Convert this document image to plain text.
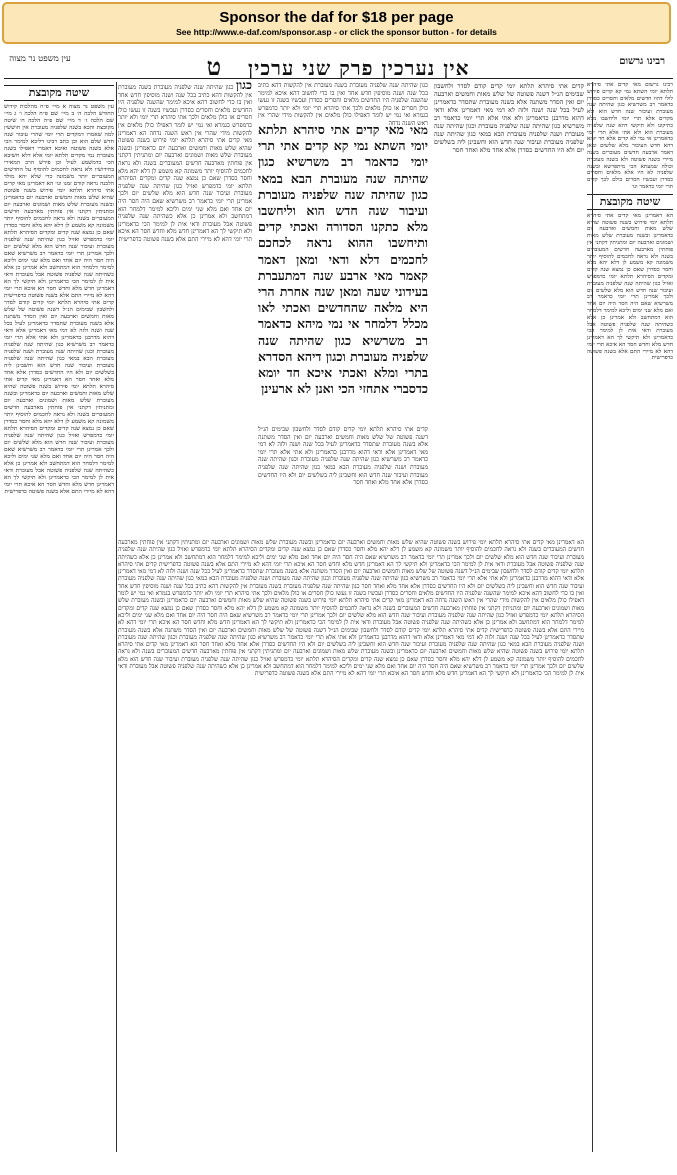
Sponsor the daf for $18 per page
See http://www.e-daf.com/sponsor.asp - or click the sponsor button - for details
רבינו גרשום
אין נערכין פרק שני ערכין ט
עין משפט נר מצוה
רבינו גרשום מאי קדים אתי סיהרא תלתא יומי השתא נמי קא קדים פירוש לולי דהוו חדשים מלאים וחסרים כסדרן כדאמר רב משרשיא כגון שהיתה שנה מעוברת ועיבור שנה חדש הוא ולא מקדים אלא תרי יומי וליחשבו מלא כתיקונו ולא תיקשי דהא שנה שלפניה מעוברת הוא ולא אתי אלא תרי יומי כדאמרינן אי נמי לא קדים אלא חד יומא דהא חדש העיבור מלא שלשים ומאן דאמר ארבעה חדשים מעוברים בשנה מיירי בשנה פשוטה ולא בשנה מעוברת וכולה שמעתא הכי מיתפרשא ובשנה שלפניה לא היו אלא מלאים וחסרים כסדרן ועכשיו חסרים כולם לכך קדים תרי יומי כדאמר וגו׳
שיטה מקובצת
הא דאמרינן מאי קדים אתי סיהרא תלתא יומי פירוש בשנה פשוטה שהיא שלש מאות וחמשים וארבעה יום כדאמרינן ובשנה מעוברת שלש מאות ושמונים וארבעה יום ומתניתין דקתני אין פוחתין מארבעה חדשים המעוברים בשנה ולא נראה לחכמים להוסיף יותר משמונה קא משמע לן דלא יהא מלא וחסר כסדרן שאם כן נמצא שנה קדים ומקדים הסיהרא תלתא יומי כדמפרש ואזיל כגון שהיתה שנה שלפניה מעוברת ועיבור שנה חדש הוא מלא שלשים יום ולכך אמרינן תרי יומי כדאמר רב משרשיא שאם היה חסר היה יום אחד ואם מלא שני ימים וליכא למימר דלמחר הוא דמתחשב ולא אמרינן כן אלא כשהיתה שנה שלפניה פשוטה אבל מעוברת ודאי אית לן למימר הכי כדאמרינן ולא תיקשי לך הא דאמרינן חדש מלא וחדש חסר הא איכא תרי יומי דהא לא מיירי התם אלא בשנה פשוטה כדפרישית
קדים אתי סיהרא תלתא יומי קדים קודם לסדר ולחשבון שבימים הנ״ל דשנה פשוטה של שלש מאות וחמשים וארבעה יום ואין הסדר משתנה אלא בשנה מעוברת שתסדר כדאמרינן לעיל בכל שנה ושנה ולזה לא דמי מאי דאמרינן אלא ודאי דהוא מדרבנן כדאמרינן ולא אתי אלא תרי יומי כדאמר רב משרשיא כגון שהיתה שנה שלפניה מעוברת וכגון שהיתה שנה מעוברת ושנה שלפניה מעוברת הבא במאי כגון שהיתה שנה שלפניה מעוברת ועיבור שנה חדש הוא וחשבינן ליה בשלשים יום ולא היו החדשים כסדרן אלא אחד מלא ואחד חסר
מאי מאי קדים אתי סיהרא תלתא יומי השתא נמי קא קדים אתי תרי יומי כדאמר רב משרשיא כגון שהיתה שנה מעוברת הבא במאי כגון שהיתה שנה שלפניה מעוברת ועיבור שנה חדש הוא וליחשבו מלא כתקנו הסדורה ואכתי קדים ותיחשבו ההוא נראה לכחכם לחכמים דלא ודאי ומאן דאמר קאמר מאי ארבע שנה דמתעברת בעידוני שעה ומאן שנה אחרת הרי היא מלאה שהחדשים ואכתי לאו מכלל דלמחר אי נמי מיהא כדאמר רב משרשיא כגון שהיתה שנה שלפניה מעוברת וכגון דיהא הסדרא בתרי ומלא ואכתי איכא חד יומא כדסברי אתחזי הכי ואנן לא ארעינן
כגון שהיתה שנה שלפניה מעוברת בשנה מעוברת אין להקשות דהא כתיב בכל שנה ושנה מוסיפין חדש אחד ואין בו כדי לחשוב דהא איכא למימר שהשנה שלפניה היו החדשים מלאים וחסרים כסדרן ועכשיו בשנה זו נעשו כולן חסרים או כולן מלאים ולכך אתי סיהרא תרי יומי ולא יותר כדמפרש בגמרא ואי נמי יש לומר דאפילו כולן מלאים אין להקשות מידי שהרי אין ראש השנה נדחה
כגון כגון שהיתה שנה שלפניה מעוברת בשנה מעוברת אין להקשות דהא כתיב בכל שנה ושנה מוסיפין חדש אחד ואין בו כדי לחשוב דהא איכא למימר שהשנה שלפניה היו החדשים מלאים וחסרים כסדרן ועכשיו בשנה זו נעשו כולן חסרים או כולן מלאים ולכך אתי סיהרא תרי יומי ולא יותר כדמפרש בגמרא ואי נמי יש לומר דאפילו כולן מלאים אין להקשות מידי שהרי אין ראש השנה נדחה הא דאמרינן מאי קדים אתי סיהרא תלתא יומי פירוש בשנה פשוטה שהיא שלש מאות וחמשים וארבעה יום כדאמרינן ובשנה מעוברת שלש מאות ושמונים וארבעה יום ומתניתין דקתני אין פוחתין מארבעה חדשים המעוברים בשנה ולא נראה לחכמים להוסיף יותר משמונה קא משמע לן דלא יהא מלא וחסר כסדרן שאם כן נמצא שנה קדים ומקדים הסיהרא תלתא יומי כדמפרש ואזיל כגון שהיתה שנה שלפניה מעוברת ועיבור שנה חדש הוא מלא שלשים יום ולכך אמרינן תרי יומי כדאמר רב משרשיא שאם היה חסר היה יום אחד ואם מלא שני ימים וליכא למימר דלמחר הוא דמתחשב ולא אמרינן כן אלא כשהיתה שנה שלפניה פשוטה אבל מעוברת ודאי אית לן למימר הכי כדאמרינן ולא תיקשי לך הא דאמרינן חדש מלא וחדש חסר הא איכא תרי יומי דהא לא מיירי התם אלא בשנה פשוטה כדפרישית
קדים אתי סיהרא תלתא יומי קדים קודם לסדר ולחשבון שבימים הנ״ל דשנה פשוטה של שלש מאות וחמשים וארבעה יום ואין הסדר משתנה אלא בשנה מעוברת שתסדר כדאמרינן לעיל בכל שנה ושנה ולזה לא דמי מאי דאמרינן אלא ודאי דהוא מדרבנן כדאמרינן ולא אתי אלא תרי יומי כדאמר רב משרשיא כגון שהיתה שנה שלפניה מעוברת וכגון שהיתה שנה מעוברת ושנה שלפניה מעוברת הבא במאי כגון שהיתה שנה שלפניה מעוברת ועיבור שנה חדש הוא וחשבינן ליה בשלשים יום ולא היו החדשים כסדרן אלא אחד מלא ואחד חסר
הא דאמרינן מאי קדים אתי סיהרא תלתא יומי פירוש בשנה פשוטה שהיא שלש מאות וחמשים וארבעה יום כדאמרינן ובשנה מעוברת שלש מאות ושמונים וארבעה יום ומתניתין דקתני אין פוחתין מארבעה חדשים המעוברים בשנה ולא נראה לחכמים להוסיף יותר משמונה קא משמע לן דלא יהא מלא וחסר כסדרן שאם כן נמצא שנה קדים ומקדים הסיהרא תלתא יומי כדמפרש ואזיל כגון שהיתה שנה שלפניה מעוברת ועיבור שנה חדש הוא מלא שלשים יום ולכך אמרינן תרי יומי כדאמר רב משרשיא שאם היה חסר היה יום אחד ואם מלא שני ימים וליכא למימר דלמחר הוא דמתחשב ולא אמרינן כן אלא כשהיתה שנה שלפניה פשוטה אבל מעוברת ודאי אית לן למימר הכי כדאמרינן ולא תיקשי לך הא דאמרינן חדש מלא וחדש חסר הא איכא תרי יומי דהא לא מיירי התם אלא בשנה פשוטה כדפרישית קדים אתי סיהרא תלתא יומי קדים קודם לסדר ולחשבון שבימים הנ״ל דשנה פשוטה של שלש מאות וחמשים וארבעה יום ואין הסדר משתנה אלא בשנה מעוברת שתסדר כדאמרינן לעיל בכל שנה ושנה ולזה לא דמי מאי דאמרינן אלא ודאי דהוא מדרבנן כדאמרינן ולא אתי אלא תרי יומי כדאמר רב משרשיא כגון שהיתה שנה שלפניה מעוברת וכגון שהיתה שנה מעוברת ושנה שלפניה מעוברת הבא במאי כגון שהיתה שנה שלפניה מעוברת ועיבור שנה חדש הוא וחשבינן ליה בשלשים יום ולא היו החדשים כסדרן אלא אחד מלא ואחד חסר כגון שהיתה שנה שלפניה מעוברת בשנה מעוברת אין להקשות דהא כתיב בכל שנה ושנה מוסיפין חדש אחד ואין בו כדי לחשוב דהא איכא למימר שהשנה שלפניה היו החדשים מלאים וחסרים כסדרן ועכשיו בשנה זו נעשו כולן חסרים או כולן מלאים ולכך אתי סיהרא תרי יומי ולא יותר כדמפרש בגמרא ואי נמי יש לומר דאפילו כולן מלאים אין להקשות מידי שהרי אין ראש השנה נדחה הא דאמרינן מאי קדים אתי סיהרא תלתא יומי פירוש בשנה פשוטה שהיא שלש מאות וחמשים וארבעה יום כדאמרינן ובשנה מעוברת שלש מאות ושמונים וארבעה יום ומתניתין דקתני אין פוחתין מארבעה חדשים המעוברים בשנה ולא נראה לחכמים להוסיף יותר משמונה קא משמע לן דלא יהא מלא וחסר כסדרן שאם כן נמצא שנה קדים ומקדים הסיהרא תלתא יומי כדמפרש ואזיל כגון שהיתה שנה שלפניה מעוברת ועיבור שנה חדש הוא מלא שלשים יום ולכך אמרינן תרי יומי כדאמר רב משרשיא שאם היה חסר היה יום אחד ואם מלא שני ימים וליכא למימר דלמחר הוא דמתחשב ולא אמרינן כן אלא כשהיתה שנה שלפניה פשוטה אבל מעוברת ודאי אית לן למימר הכי כדאמרינן ולא תיקשי לך הא דאמרינן חדש מלא וחדש חסר הא איכא תרי יומי דהא לא מיירי התם אלא בשנה פשוטה כדפרישית קדים אתי סיהרא תלתא יומי קדים קודם לסדר ולחשבון שבימים הנ״ל דשנה פשוטה של שלש מאות וחמשים וארבעה יום ואין הסדר משתנה אלא בשנה מעוברת שתסדר כדאמרינן לעיל בכל שנה ושנה ולזה לא דמי מאי דאמרינן אלא ודאי דהוא מדרבנן כדאמרינן ולא אתי אלא תרי יומי כדאמר רב משרשיא כגון שהיתה שנה שלפניה מעוברת וכגון שהיתה שנה מעוברת ושנה שלפניה מעוברת הבא במאי כגון שהיתה שנה שלפניה מעוברת ועיבור שנה חדש הוא וחשבינן ליה בשלשים יום ולא היו החדשים כסדרן אלא אחד מלא ואחד חסר הא דאמרינן מאי קדים אתי סיהרא תלתא יומי פירוש בשנה פשוטה שהיא שלש מאות וחמשים וארבעה יום כדאמרינן ובשנה מעוברת שלש מאות ושמונים וארבעה יום ומתניתין דקתני אין פוחתין מארבעה חדשים המעוברים בשנה ולא נראה לחכמים להוסיף יותר משמונה קא משמע לן דלא יהא מלא וחסר כסדרן שאם כן נמצא שנה קדים ומקדים הסיהרא תלתא יומי כדמפרש ואזיל כגון שהיתה שנה שלפניה מעוברת ועיבור שנה חדש הוא מלא שלשים יום ולכך אמרינן תרי יומי כדאמר רב משרשיא שאם היה חסר היה יום אחד ואם מלא שני ימים וליכא למימר דלמחר הוא דמתחשב ולא אמרינן כן אלא כשהיתה שנה שלפניה פשוטה אבל מעוברת ודאי אית לן למימר הכי כדאמרינן ולא תיקשי לך הא דאמרינן חדש מלא וחדש חסר הא איכא תרי יומי דהא לא מיירי התם אלא בשנה פשוטה כדפרישית
שיטה מקובצת
עין משפט נר מצוה א מיי׳ פ״ח מהלכות קידוש החודש הלכה ה׳ ב מיי׳ שם פ״ח הלכה ו׳ ג מיי׳ שם הלכה ז׳ ד מיי׳ שם פ״ה הלכה ח׳ שיטה מקובצת והכא בשנה שלפניה מעוברת אין חוששין למה שאמרו דמקדים תרי יומי שהרי עיבור שנה חדש שלם הוא וכן כתב רבינו דליכא למימר הכי אלא בשנה פשוטה ואיכא דאמרי דאפילו בשנה מעוברת נמי מקדים תלתא יומי אלא דלא חשיבא הכי כדמשמע לעיל וכן פירש הרב המאירי בחידושיו ולא נראה לחכמים להוסיף על החדשים המעוברים יותר משמונה כדי שלא יהא מולד הלבנה נראה קודם זמנו וגו׳ הא דאמרינן מאי קדים אתי סיהרא תלתא יומי פירוש בשנה פשוטה שהיא שלש מאות וחמשים וארבעה יום כדאמרינן ובשנה מעוברת שלש מאות ושמונים וארבעה יום ומתניתין דקתני אין פוחתין מארבעה חדשים המעוברים בשנה ולא נראה לחכמים להוסיף יותר משמונה קא משמע לן דלא יהא מלא וחסר כסדרן שאם כן נמצא שנה קדים ומקדים הסיהרא תלתא יומי כדמפרש ואזיל כגון שהיתה שנה שלפניה מעוברת ועיבור שנה חדש הוא מלא שלשים יום ולכך אמרינן תרי יומי כדאמר רב משרשיא שאם היה חסר היה יום אחד ואם מלא שני ימים וליכא למימר דלמחר הוא דמתחשב ולא אמרינן כן אלא כשהיתה שנה שלפניה פשוטה אבל מעוברת ודאי אית לן למימר הכי כדאמרינן ולא תיקשי לך הא דאמרינן חדש מלא וחדש חסר הא איכא תרי יומי דהא לא מיירי התם אלא בשנה פשוטה כדפרישית קדים אתי סיהרא תלתא יומי קדים קודם לסדר ולחשבון שבימים הנ״ל דשנה פשוטה של שלש מאות וחמשים וארבעה יום ואין הסדר משתנה אלא בשנה מעוברת שתסדר כדאמרינן לעיל בכל שנה ושנה ולזה לא דמי מאי דאמרינן אלא ודאי דהוא מדרבנן כדאמרינן ולא אתי אלא תרי יומי כדאמר רב משרשיא כגון שהיתה שנה שלפניה מעוברת וכגון שהיתה שנה מעוברת ושנה שלפניה מעוברת הבא במאי כגון שהיתה שנה שלפניה מעוברת ועיבור שנה חדש הוא וחשבינן ליה בשלשים יום ולא היו החדשים כסדרן אלא אחד מלא ואחד חסר הא דאמרינן מאי קדים אתי סיהרא תלתא יומי פירוש בשנה פשוטה שהיא שלש מאות וחמשים וארבעה יום כדאמרינן ובשנה מעוברת שלש מאות ושמונים וארבעה יום ומתניתין דקתני אין פוחתין מארבעה חדשים המעוברים בשנה ולא נראה לחכמים להוסיף יותר משמונה קא משמע לן דלא יהא מלא וחסר כסדרן שאם כן נמצא שנה קדים ומקדים הסיהרא תלתא יומי כדמפרש ואזיל כגון שהיתה שנה שלפניה מעוברת ועיבור שנה חדש הוא מלא שלשים יום ולכך אמרינן תרי יומי כדאמר רב משרשיא שאם היה חסר היה יום אחד ואם מלא שני ימים וליכא למימר דלמחר הוא דמתחשב ולא אמרינן כן אלא כשהיתה שנה שלפניה פשוטה אבל מעוברת ודאי אית לן למימר הכי כדאמרינן ולא תיקשי לך הא דאמרינן חדש מלא וחדש חסר הא איכא תרי יומי דהא לא מיירי התם אלא בשנה פשוטה כדפרישית
